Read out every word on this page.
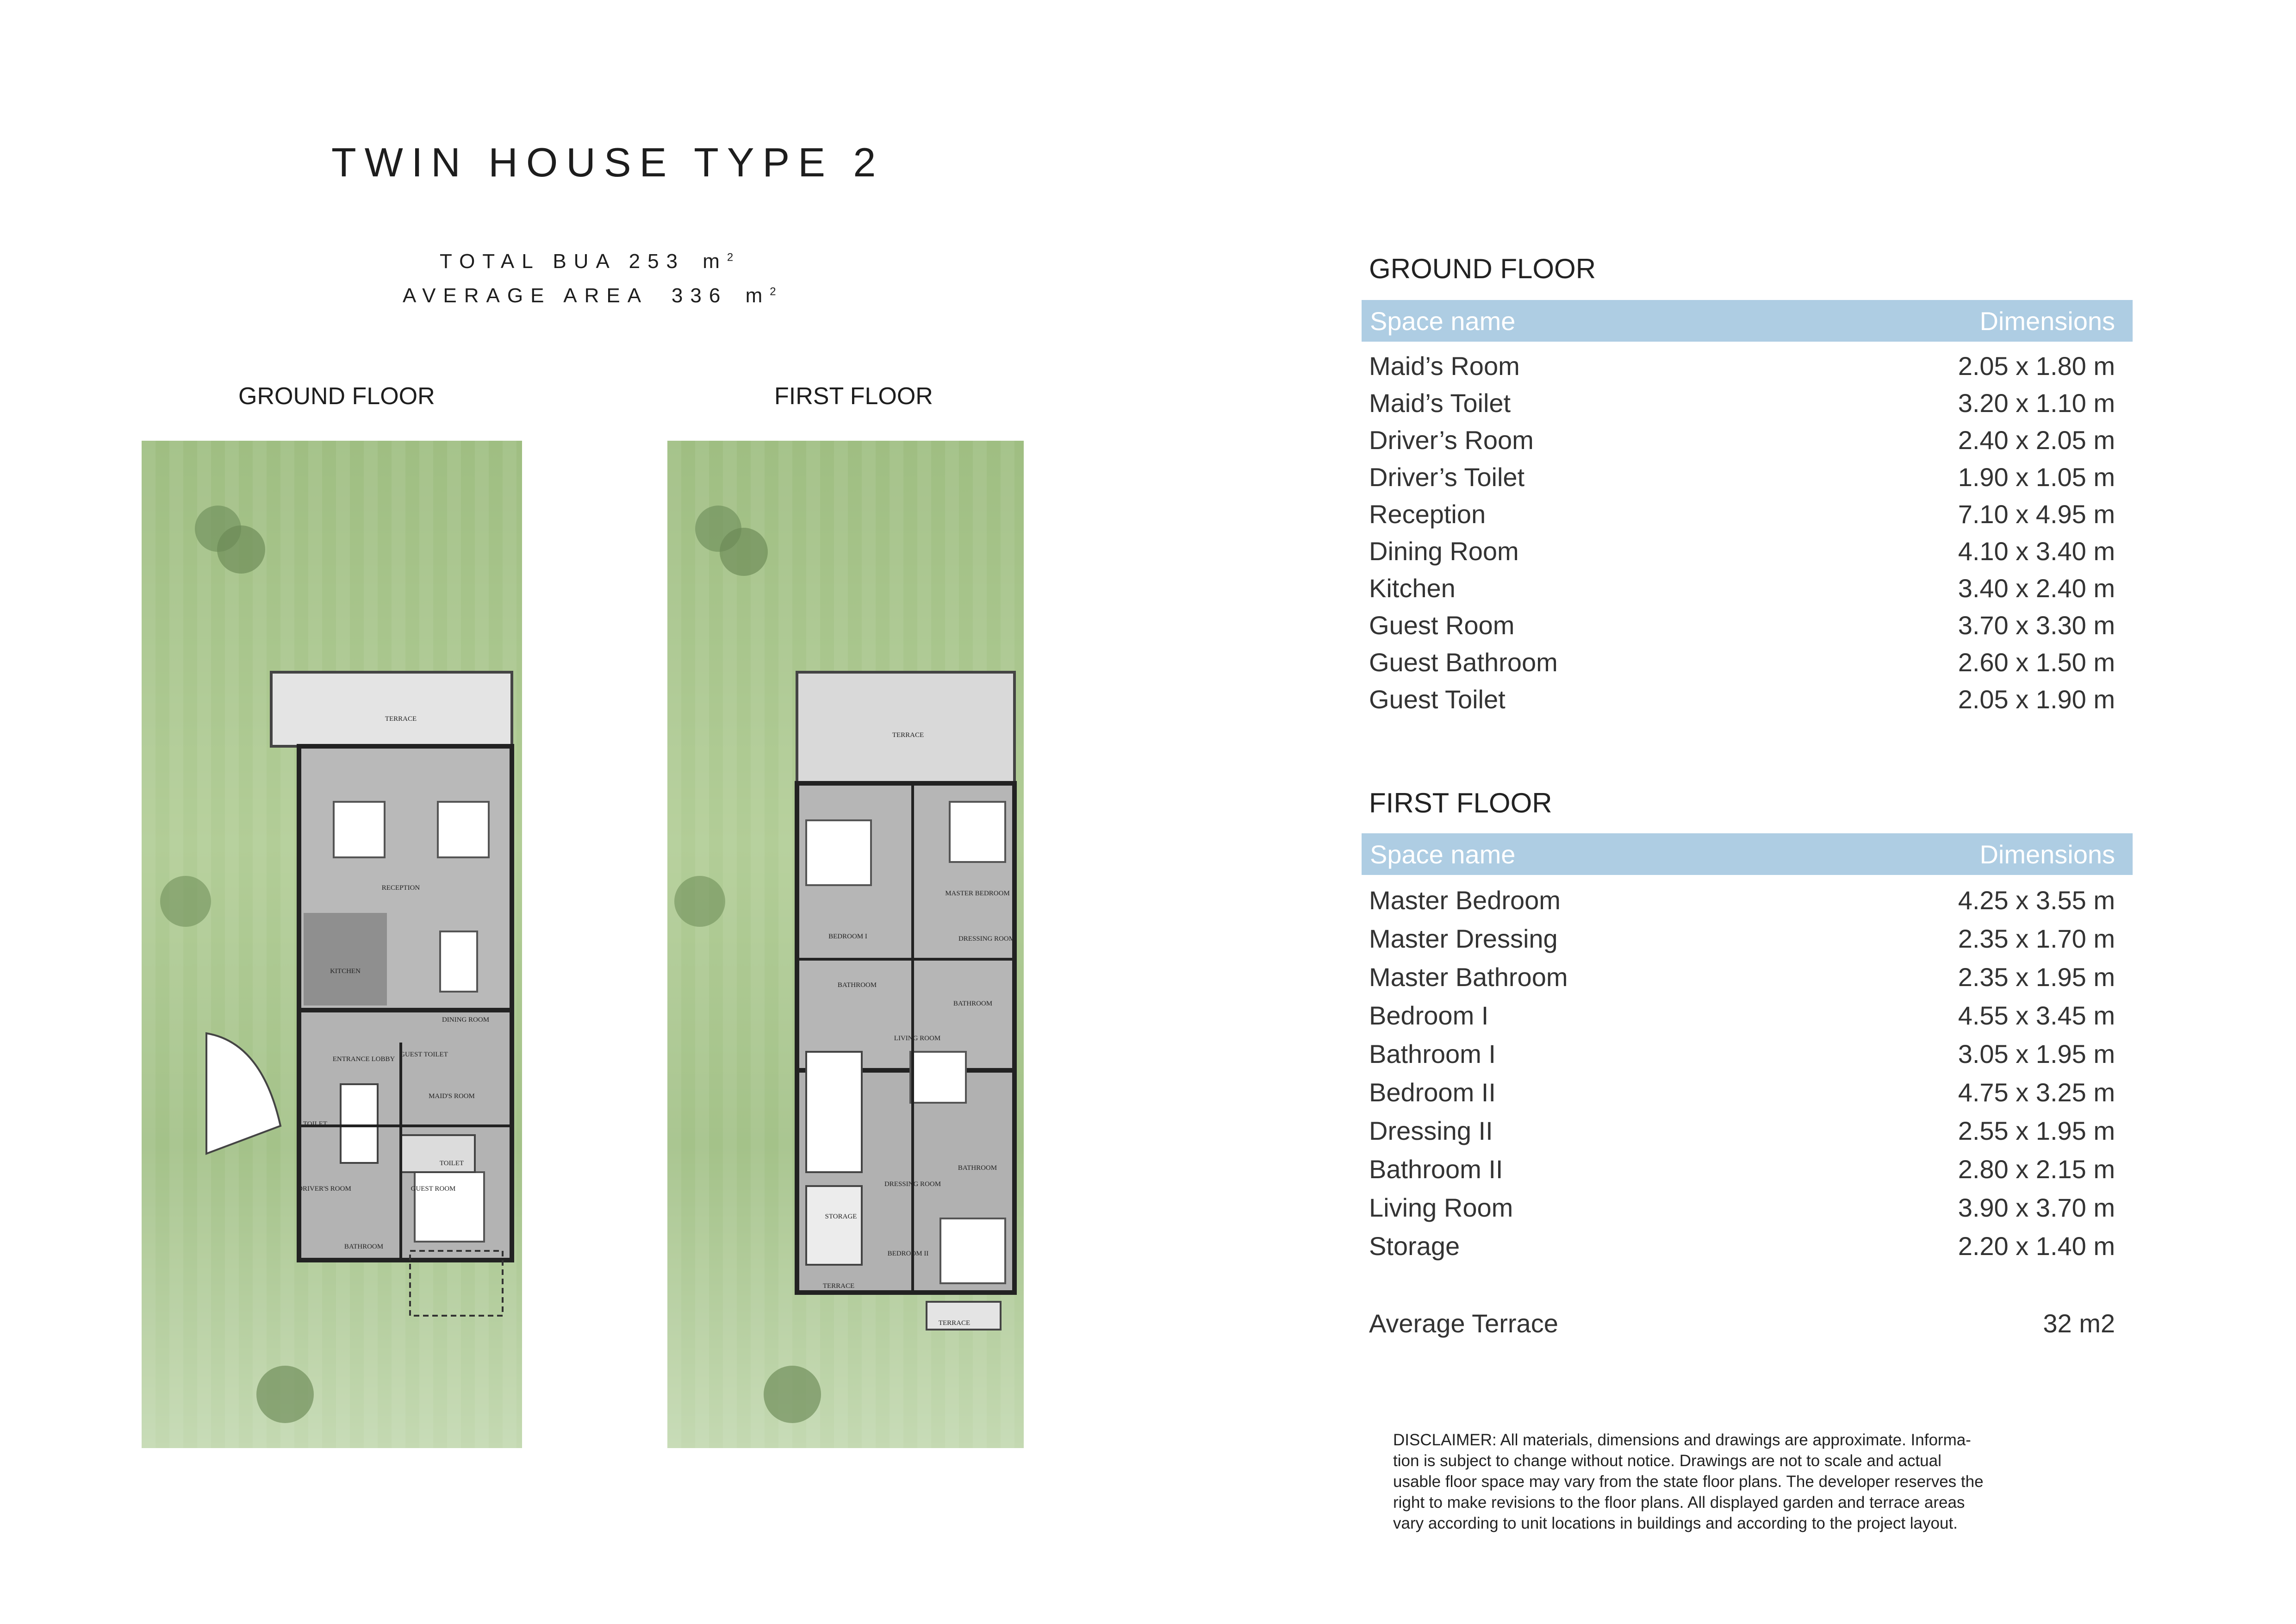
TWIN HOUSE TYPE 2
TOTAL BUA 253 $m^2$
AVERAGE AREA 336 $m^2$
GROUND FLOOR	FIRST FLOOR
TERRACE
RECEPTION
KITCHEN
DINING ROOM
ENTRANCE LOBBY
GUEST TOILET
MAID'S ROOM
TOILET
TOILET
DRIVER'S ROOM	GUEST ROOM
BATHROOM
TERRACE
MASTER BEDROOM
BEDROOM I	DRESSING ROOM
BATHROOM
BATHROOM
LIVING ROOM
DRESSING ROOM
BATHROOM
STORAGE
BEDROOM II
TERRACE
TERRACE
GROUND FLOOR
Space name	Dimensions
Maid’s Room	2.05 x 1.80 m
Maid’s Toilet	3.20 x 1.10 m
Driver’s Room	2.40 x 2.05 m
Driver’s Toilet	1.90 x 1.05 m
Reception	7.10 x 4.95 m
Dining Room	4.10 x 3.40 m
Kitchen	3.40 x 2.40 m
Guest Room	3.70 x 3.30 m
Guest Bathroom	2.60 x 1.50 m
Guest Toilet	2.05 x 1.90 m
FIRST FLOOR
Space name	Dimensions
Master Bedroom	4.25 x 3.55 m
Master Dressing	2.35 x 1.70 m
Master Bathroom	2.35 x 1.95 m
Bedroom I	4.55 x 3.45 m
Bathroom I	3.05 x 1.95 m
Bedroom II	4.75 x 3.25 m
Dressing II	2.55 x 1.95 m
Bathroom II	2.80 x 2.15 m
Living Room	3.90 x 3.70 m
Storage	2.20 x 1.40 m
Average Terrace	32 m2
DISCLAIMER: All materials, dimensions and drawings are approximate. Informa-
tion is subject to change without notice. Drawings are not to scale and actual
usable floor space may vary from the state floor plans. The developer reserves the
right to make revisions to the floor plans. All displayed garden and terrace areas
vary according to unit locations in buildings and according to the project layout.
